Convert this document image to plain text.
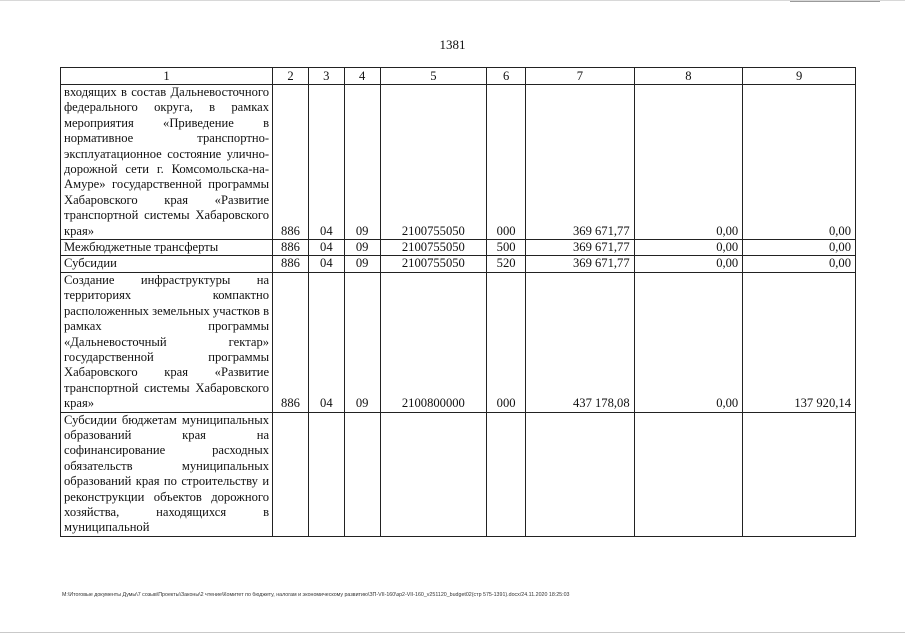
1381
1	2	3	4	5	6	7	8	9
входящих в состав Дальневосточного федерального округа, в рамках мероприятия «Приведение в нормативное транспортно-эксплуатационное состояние улично-дорожной сети г. Комсомольска-на-Амуре» государственной программы Хабаровского края «Развитие транспортной системы Хабаровского края»	886	04	09	2100755050	000	369 671,77	0,00	0,00
Межбюджетные трансферты	886	04	09	2100755050	500	369 671,77	0,00	0,00
Субсидии	886	04	09	2100755050	520	369 671,77	0,00	0,00
Создание инфраструктуры на территориях компактно расположенных земельных участков в рамках программы «Дальневосточный гектар» государственной программы Хабаровского края «Развитие транспортной системы Хабаровского края»	886	04	09	2100800000	000	437 178,08	0,00	137 920,14
Субсидии бюджетам муниципальных образований края на софинансирование расходных обязательств муниципальных образований края по строительству и реконструкции объектов дорожного хозяйства, находящихся в муниципальной								
M:\Итоговые документы Думы\7 созыв\Проекты\Законы\2 чтение\Комитет по бюджету, налогам и экономическому развитию\ЗП-VII-160\зр2-VII-160_v251120_budget02(стр 575-1391).docx/24.11.2020 18:25:03
